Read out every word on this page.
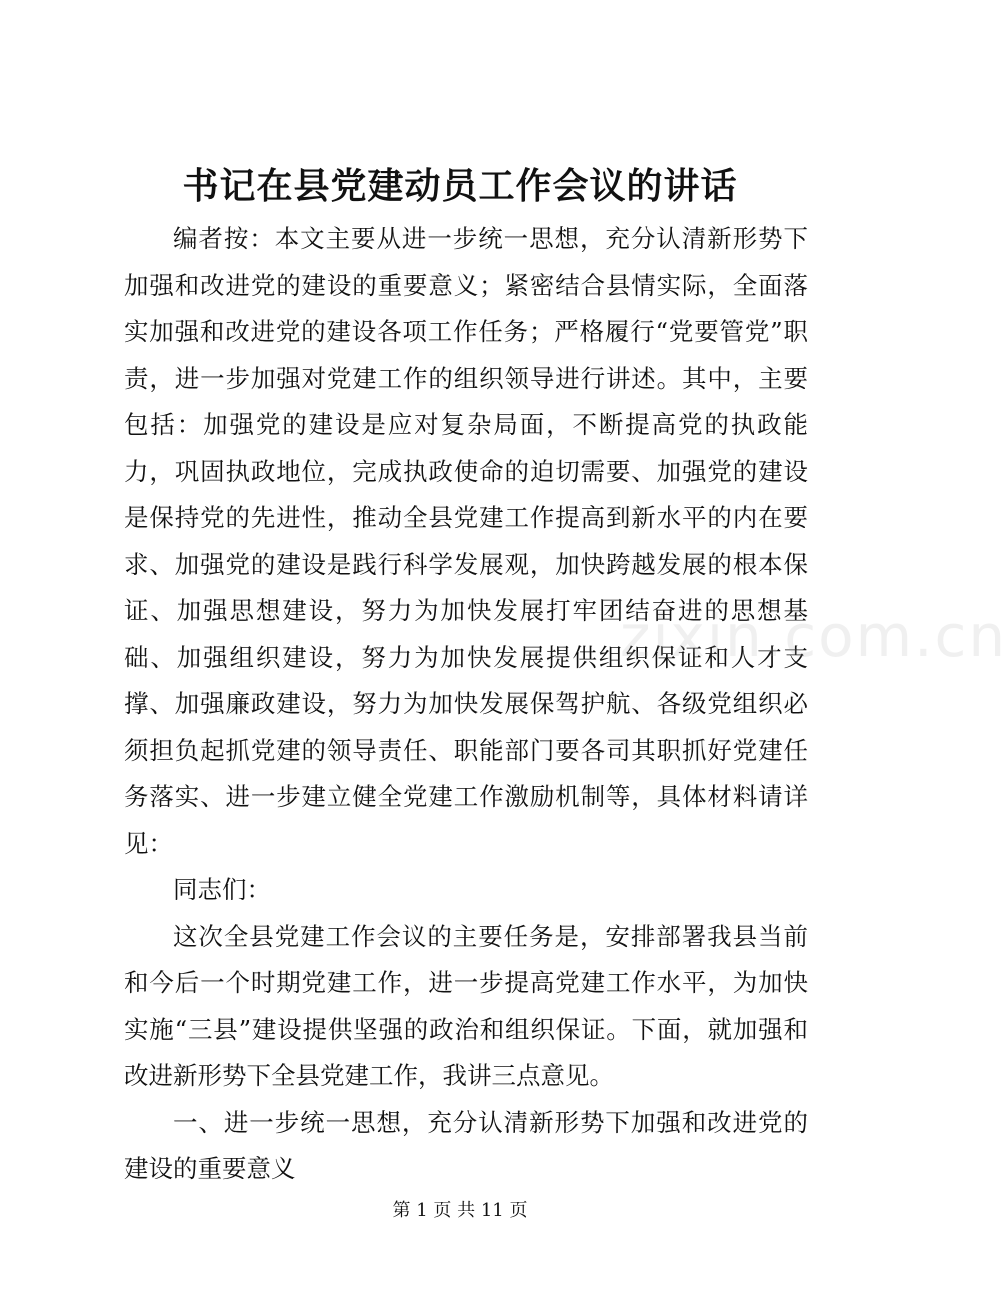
书记在县党建动员工作会议的讲话

编者按：本文主要从进一步统一思想，充分认清新形势下加强和改进党的建设的重要意义；紧密结合县情实际，全面落实加强和改进党的建设各项工作任务；严格履行“党要管党”职责，进一步加强对党建工作的组织领导进行讲述。其中，主要包括：加强党的建设是应对复杂局面，不断提高党的执政能力，巩固执政地位，完成执政使命的迫切需要、加强党的建设是保持党的先进性，推动全县党建工作提高到新水平的内在要求、加强党的建设是践行科学发展观，加快跨越发展的根本保证、加强思想建设，努力为加快发展打牢团结奋进的思想基础、加强组织建设，努力为加快发展提供组织保证和人才支撑、加强廉政建设，努力为加快发展保驾护航、各级党组织必须担负起抓党建的领导责任、职能部门要各司其职抓好党建任务落实、进一步建立健全党建工作激励机制等，具体材料请详见：

同志们：

这次全县党建工作会议的主要任务是，安排部署我县当前和今后一个时期党建工作，进一步提高党建工作水平，为加快实施“三县”建设提供坚强的政治和组织保证。下面，就加强和改进新形势下全县党建工作，我讲三点意见。

一、进一步统一思想，充分认清新形势下加强和改进党的建设的重要意义

zixin.com.cn
第 1 页 共 11 页
